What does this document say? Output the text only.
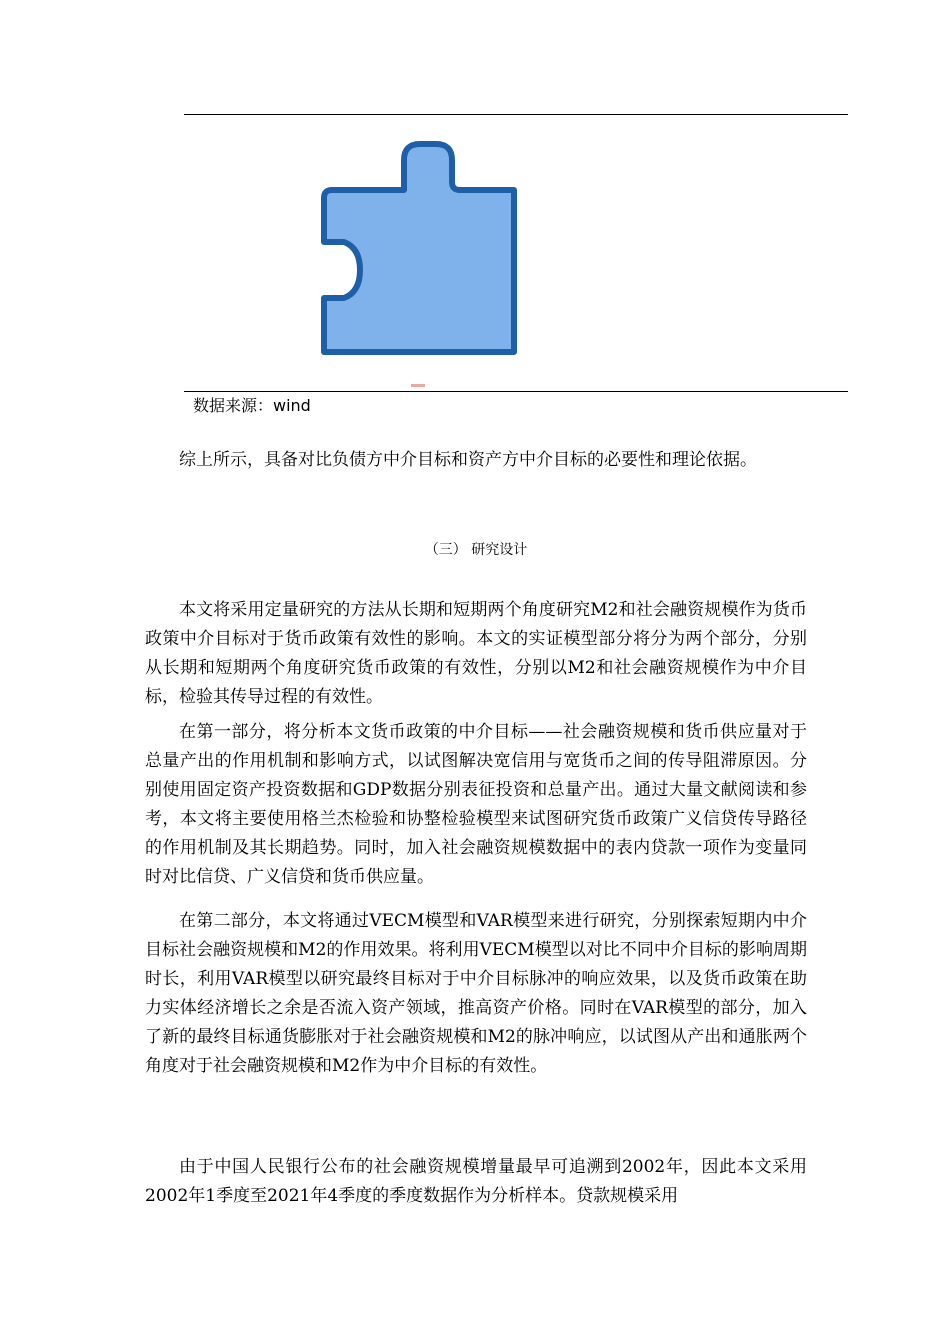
数据来源：wind

综上所示，具备对比负债方中介目标和资产方中介目标的必要性和理论依据。

（三） 研究设计

本文将采用定量研究的方法从长期和短期两个角度研究M2和社会融资规模作为货币政策中介目标对于货币政策有效性的影响。本文的实证模型部分将分为两个部分，分别从长期和短期两个角度研究货币政策的有效性，分别以M2和社会融资规模作为中介目标，检验其传导过程的有效性。

在第一部分，将分析本文货币政策的中介目标——社会融资规模和货币供应量对于总量产出的作用机制和影响方式，以试图解决宽信用与宽货币之间的传导阻滞原因。分别使用固定资产投资数据和GDP数据分别表征投资和总量产出。通过大量文献阅读和参考，本文将主要使用格兰杰检验和协整检验模型来试图研究货币政策广义信贷传导路径的作用机制及其长期趋势。同时，加入社会融资规模数据中的表内贷款一项作为变量同时对比信贷、广义信贷和货币供应量。

在第二部分，本文将通过VECM模型和VAR模型来进行研究，分别探索短期内中介目标社会融资规模和M2的作用效果。将利用VECM模型以对比不同中介目标的影响周期时长，利用VAR模型以研究最终目标对于中介目标脉冲的响应效果，以及货币政策在助力实体经济增长之余是否流入资产领域，推高资产价格。同时在VAR模型的部分，加入了新的最终目标通货膨胀对于社会融资规模和M2的脉冲响应，以试图从产出和通胀两个角度对于社会融资规模和M2作为中介目标的有效性。

由于中国人民银行公布的社会融资规模增量最早可追溯到2002年，因此本文采用2002年1季度至2021年4季度的季度数据作为分析样本。贷款规模采用
